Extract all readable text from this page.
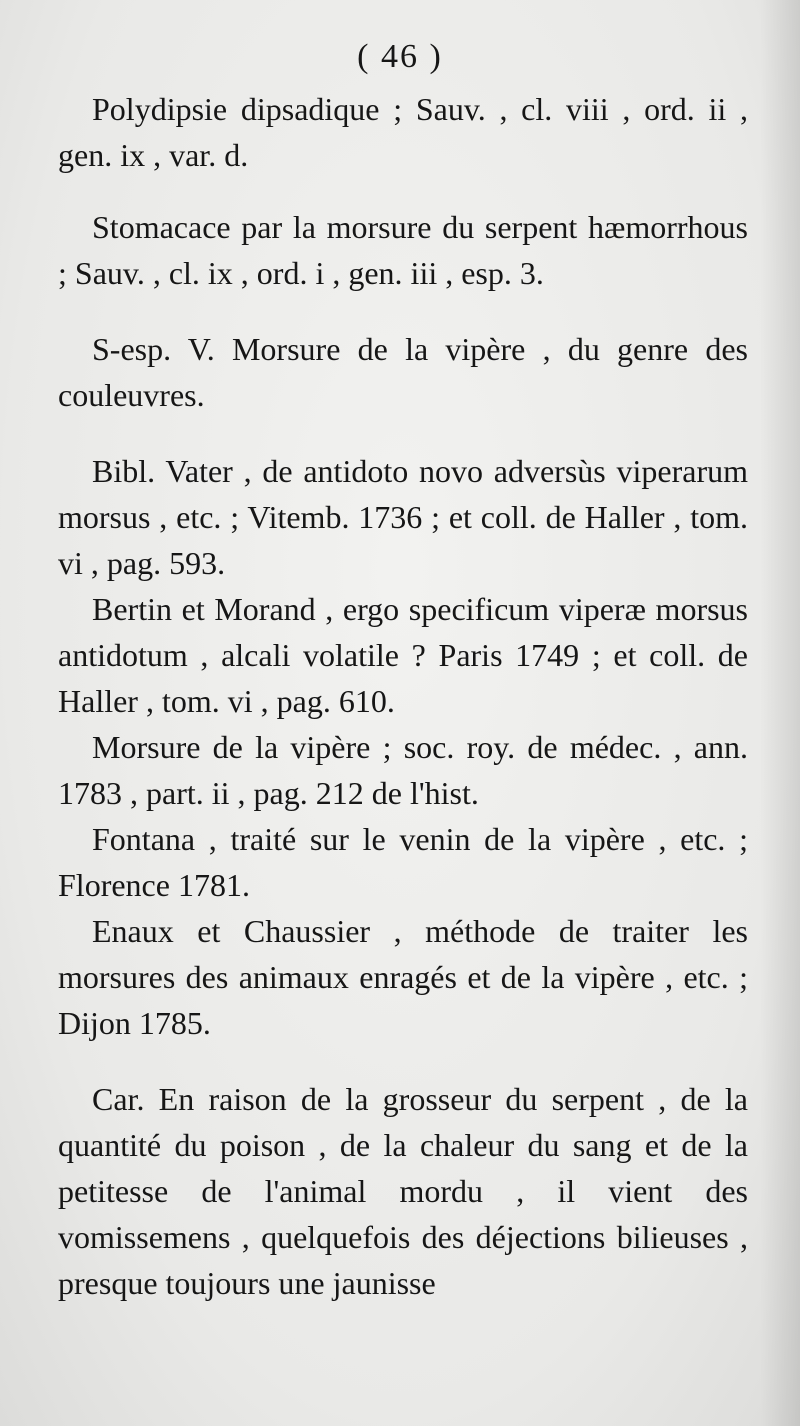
( 46 )

Polydipsie dipsadique ; Sauv. , cl. viii , ord. ii , gen. ix , var. d.

Stomacace par la morsure du serpent hæmorrhous ; Sauv. , cl. ix , ord. i , gen. iii , esp. 3.

S-esp. V. Morsure de la vipère , du genre des couleuvres.

Bibl. Vater , de antidoto novo adversùs viperarum morsus , etc. ; Vitemb. 1736 ; et coll. de Haller , tom. vi , pag. 593.

Bertin et Morand , ergo specificum viperæ morsus antidotum , alcali volatile ? Paris 1749 ; et coll. de Haller , tom. vi , pag. 610.

Morsure de la vipère ; soc. roy. de médec. , ann. 1783 , part. ii , pag. 212 de l'hist.

Fontana , traité sur le venin de la vipère , etc. ; Florence 1781.

Enaux et Chaussier , méthode de traiter les morsures des animaux enragés et de la vipère , etc. ; Dijon 1785.

Car. En raison de la grosseur du serpent , de la quantité du poison , de la chaleur du sang et de la petitesse de l'animal mordu , il vient des vomissemens , quelquefois des déjections bilieuses , presque toujours une jaunisse
